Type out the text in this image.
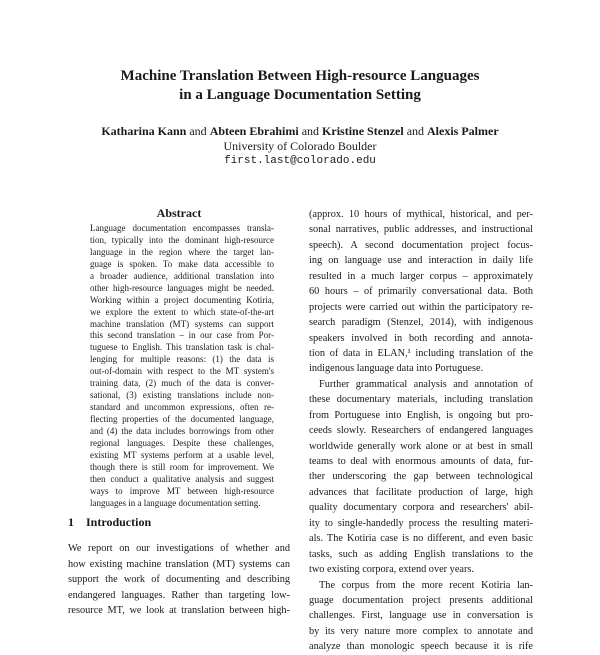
Machine Translation Between High-resource Languages
in a Language Documentation Setting
Katharina Kann and Abteen Ebrahimi and Kristine Stenzel and Alexis Palmer
University of Colorado Boulder
first.last@colorado.edu
Abstract
Language documentation encompasses transla-
tion, typically into the dominant high-resource
language in the region where the target lan-
guage is spoken. To make data accessible to
a broader audience, additional translation into
other high-resource languages might be needed.
Working within a project documenting Kotiria,
we explore the extent to which state-of-the-art
machine translation (MT) systems can support
this second translation – in our case from Por-
tuguese to English. This translation task is chal-
lenging for multiple reasons: (1) the data is
out-of-domain with respect to the MT system's
training data, (2) much of the data is conver-
sational, (3) existing translations include non-
standard and uncommon expressions, often re-
flecting properties of the documented language,
and (4) the data includes borrowings from other
regional languages. Despite these challenges,
existing MT systems perform at a usable level,
though there is still room for improvement. We
then conduct a qualitative analysis and suggest
ways to improve MT between high-resource
languages in a language documentation setting.
1 Introduction
We report on our investigations of whether and
how existing machine translation (MT) systems can
support the work of documenting and describing
endangered languages. Rather than targeting low-
resource MT, we look at translation between high-
(approx. 10 hours of mythical, historical, and per-
sonal narratives, public addresses, and instructional
speech). A second documentation project focus-
ing on language use and interaction in daily life
resulted in a much larger corpus – approximately
60 hours – of primarily conversational data. Both
projects were carried out within the participatory re-
search paradigm (Stenzel, 2014), with indigenous
speakers involved in both recording and annota-
tion of data in ELAN,¹ including translation of the
indigenous language data into Portuguese.
Further grammatical analysis and annotation of
these documentary materials, including translation
from Portuguese into English, is ongoing but pro-
ceeds slowly. Researchers of endangered languages
worldwide generally work alone or at best in small
teams to deal with enormous amounts of data, fur-
ther underscoring the gap between technological
advances that facilitate production of large, high
quality documentary corpora and researchers' abil-
ity to single-handedly process the resulting materi-
als. The Kotiria case is no different, and even basic
tasks, such as adding English translations to the
two existing corpora, extend over years.
The corpus from the more recent Kotiria lan-
guage documentation project presents additional
challenges. First, language use in conversation is
by its very nature more complex to annotate and
analyze than monologic speech because it is rife
